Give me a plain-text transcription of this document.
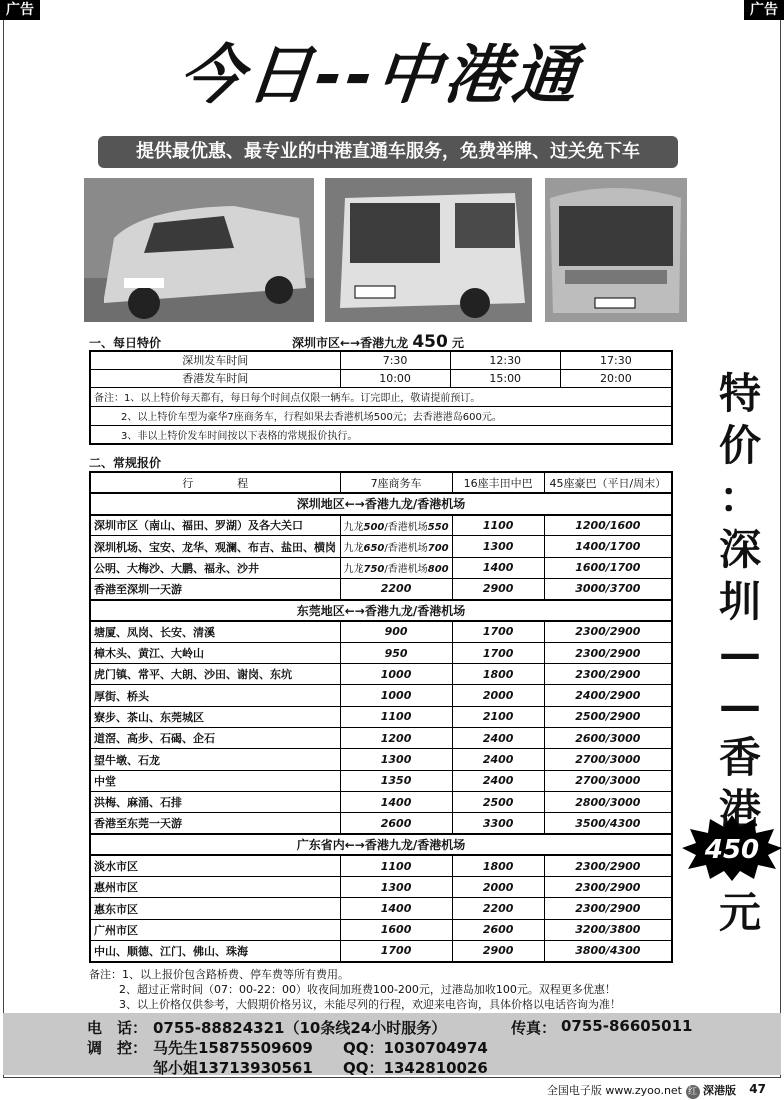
广告	广告
今日--中港通
提供最优惠、最专业的中港直通车服务，免费举牌、过关免下车
一、每日特价	深圳市区←→香港九龙 450 元
深圳发车时间	7:30	12:30	17:30
香港发车时间	10:00	15:00	20:00
备注：1、以上特价每天都有，每日每个时间点仅限一辆车。订完即止，敬请提前预订。			
2、以上特价车型为豪华7座商务车，行程如果去香港机场500元；去香港港岛600元。			
3、非以上特价发车时间按以下表格的常规报价执行。			
二、常规报价
行　　　　程	7座商务车	16座丰田中巴	45座豪巴（平日/周末）
深圳地区←→香港九龙/香港机场			
深圳市区（南山、福田、罗湖）及各大关口	九龙500/香港机场550	1100	1200/1600
深圳机场、宝安、龙华、观澜、布吉、盐田、横岗	九龙650/香港机场700	1300	1400/1700
公明、大梅沙、大鹏、福永、沙井	九龙750/香港机场800	1400	1600/1700
香港至深圳一天游	2200	2900	3000/3700
东莞地区←→香港九龙/香港机场			
塘厦、凤岗、长安、清溪	900	1700	2300/2900
樟木头、黄江、大岭山	950	1700	2300/2900
虎门镇、常平、大朗、沙田、谢岗、东坑	1000	1800	2300/2900
厚街、桥头	1000	2000	2400/2900
寮步、茶山、东莞城区	1100	2100	2500/2900
道滘、高步、石碣、企石	1200	2400	2600/3000
望牛墩、石龙	1300	2400	2700/3000
中堂	1350	2400	2700/3000
洪梅、麻涌、石排	1400	2500	2800/3000
香港至东莞一天游	2600	3300	3500/4300
广东省内←→香港九龙/香港机场			
淡水市区	1100	1800	2300/2900
惠州市区	1300	2000	2300/2900
惠东市区	1400	2200	2300/2900
广州市区	1600	2600	3200/3800
中山、顺德、江门、佛山、珠海	1700	2900	3800/4300
特
价
：
深
圳
—
—
香
港
450
元
备注：1、以上报价包含路桥费、停车费等所有费用。
2、超过正常时间（07：00-22：00）收夜间加班费100-200元，过港岛加收100元。双程更多优惠！
3、以上价格仅供参考，大假期价格另议，未能尽列的行程，欢迎来电咨询，具体价格以电话咨询为准！
电　话： 0755-88824321（10条线24小时服务）	传真： 0755-86605011
调　控： 马先生15875509609 QQ：1030704974
邹小姐13713930561 QQ：1342810026
全国电子版 www.zyoo.net 红 深港版 47
